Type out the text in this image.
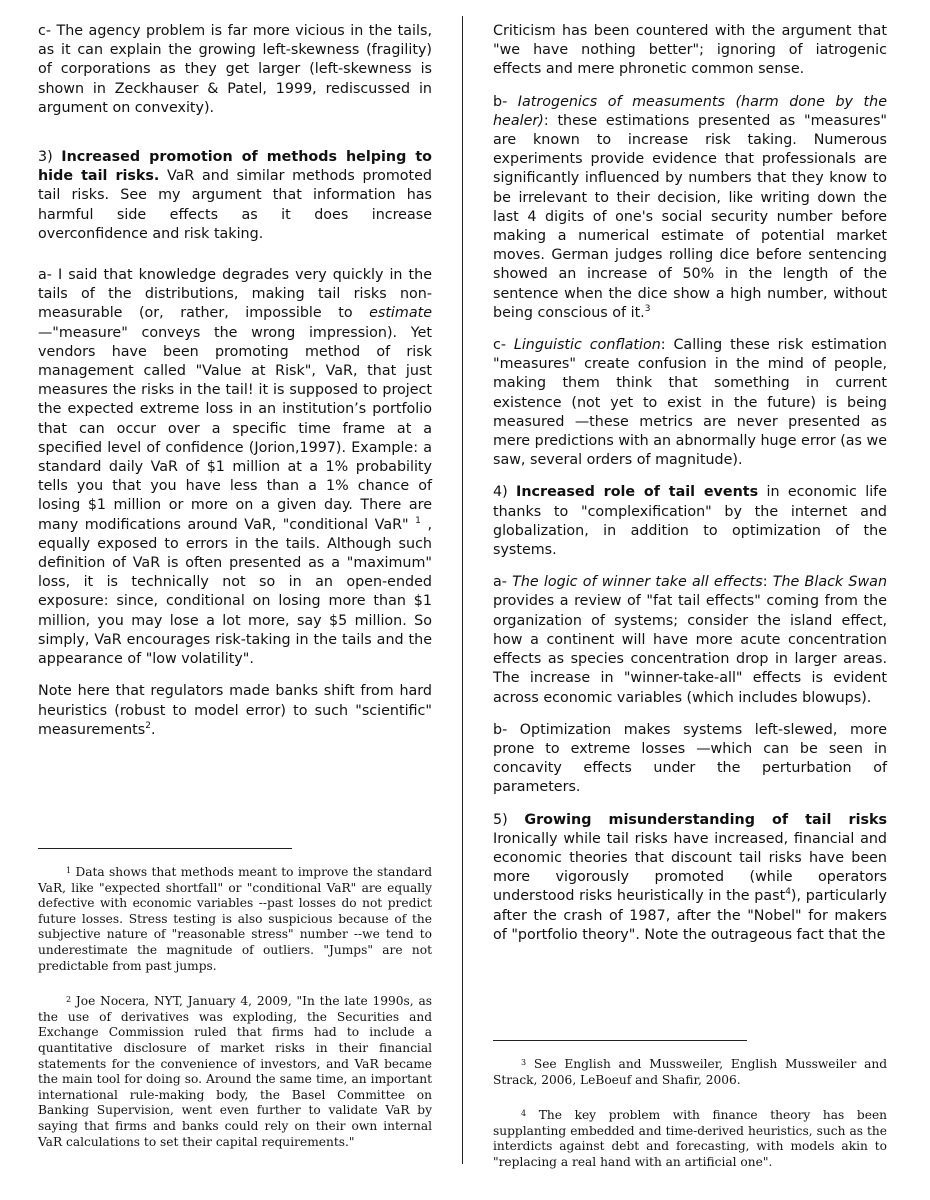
c- The agency problem is far more vicious in the tails, as it can explain the growing left-skewness (fragility) of corporations as they get larger (left-skewness is shown in Zeckhauser & Patel, 1999, rediscussed in argument on convexity).

3) Increased promotion of methods helping to hide tail risks. VaR and similar methods promoted tail risks. See my argument that information has harmful side effects as it does increase overconfidence and risk taking.

a- I said that knowledge degrades very quickly in the tails of the distributions, making tail risks non-measurable (or, rather, impossible to estimate —"measure" conveys the wrong impression). Yet vendors have been promoting method of risk management called "Value at Risk", VaR, that just measures the risks in the tail! it is supposed to project the expected extreme loss in an institution’s portfolio that can occur over a specific time frame at a specified level of confidence (Jorion,1997). Example: a standard daily VaR of $1 million at a 1% probability tells you that you have less than a 1% chance of losing $1 million or more on a given day. There are many modifications around VaR, "conditional VaR" $^1$ , equally exposed to errors in the tails. Although such definition of VaR is often presented as a "maximum" loss, it is technically not so in an open-ended exposure: since, conditional on losing more than $1 million, you may lose a lot more, say $5 million. So simply, VaR encourages risk-taking in the tails and the appearance of "low volatility".

Note here that regulators made banks shift from hard heuristics (robust to model error) to such "scientific" measurements$^2$.

$^1$ Data shows that methods meant to improve the standard VaR, like "expected shortfall" or "conditional VaR" are equally defective with economic variables --past losses do not predict future losses. Stress testing is also suspicious because of the subjective nature of "reasonable stress" number --we tend to underestimate the magnitude of outliers. "Jumps" are not predictable from past jumps.

$^2$ Joe Nocera, NYT, January 4, 2009, "In the late 1990s, as the use of derivatives was exploding, the Securities and Exchange Commission ruled that firms had to include a quantitative disclosure of market risks in their financial statements for the convenience of investors, and VaR became the main tool for doing so. Around the same time, an important international rule-making body, the Basel Committee on Banking Supervision, went even further to validate VaR by saying that firms and banks could rely on their own internal VaR calculations to set their capital requirements."

Criticism has been countered with the argument that "we have nothing better"; ignoring of iatrogenic effects and mere phronetic common sense.

b- Iatrogenics of measuments (harm done by the healer): these estimations presented as "measures" are known to increase risk taking. Numerous experiments provide evidence that professionals are significantly influenced by numbers that they know to be irrelevant to their decision, like writing down the last 4 digits of one's social security number before making a numerical estimate of potential market moves. German judges rolling dice before sentencing showed an increase of 50% in the length of the sentence when the dice show a high number, without being conscious of it.$^3$

c- Linguistic conflation: Calling these risk estimation "measures" create confusion in the mind of people, making them think that something in current existence (not yet to exist in the future) is being measured —these metrics are never presented as mere predictions with an abnormally huge error (as we saw, several orders of magnitude).

4) Increased role of tail events in economic life thanks to "complexification" by the internet and globalization, in addition to optimization of the systems.

a- The logic of winner take all effects: The Black Swan provides a review of "fat tail effects" coming from the organization of systems; consider the island effect, how a continent will have more acute concentration effects as species concentration drop in larger areas. The increase in "winner-take-all" effects is evident across economic variables (which includes blowups).

b- Optimization makes systems left-slewed, more prone to extreme losses —which can be seen in concavity effects under the perturbation of parameters.

5) Growing misunderstanding of tail risks Ironically while tail risks have increased, financial and economic theories that discount tail risks have been more vigorously promoted (while operators understood risks heuristically in the past$^4$), particularly after the crash of 1987, after the "Nobel" for makers of "portfolio theory". Note the outrageous fact that the

$^3$ See English and Mussweiler, English Mussweiler and Strack, 2006, LeBoeuf and Shafir, 2006.

$^4$ The key problem with finance theory has been supplanting embedded and time-derived heuristics, such as the interdicts against debt and forecasting, with models akin to "replacing a real hand with an artificial one".
